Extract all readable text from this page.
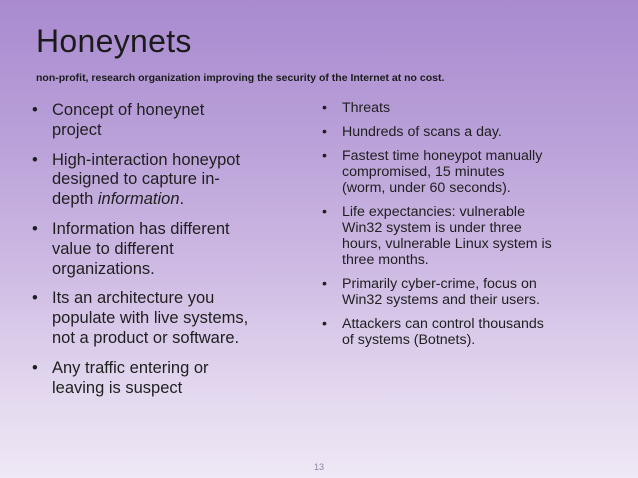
Honeynets
non-profit, research organization improving the security of the Internet at no cost.
• Concept of honeynet
project
• High-interaction honeypot
designed to capture in-
depth information.
• Information has different
value to different
organizations.
• Its an architecture you
populate with live systems,
not a product or software.
• Any traffic entering or
leaving is suspect
• Threats
• Hundreds of scans a day.
• Fastest time honeypot manually
compromised, 15 minutes
(worm, under 60 seconds).
• Life expectancies: vulnerable
Win32 system is under three
hours, vulnerable Linux system is
three months.
• Primarily cyber-crime, focus on
Win32 systems and their users.
• Attackers can control thousands
of systems (Botnets).
13
